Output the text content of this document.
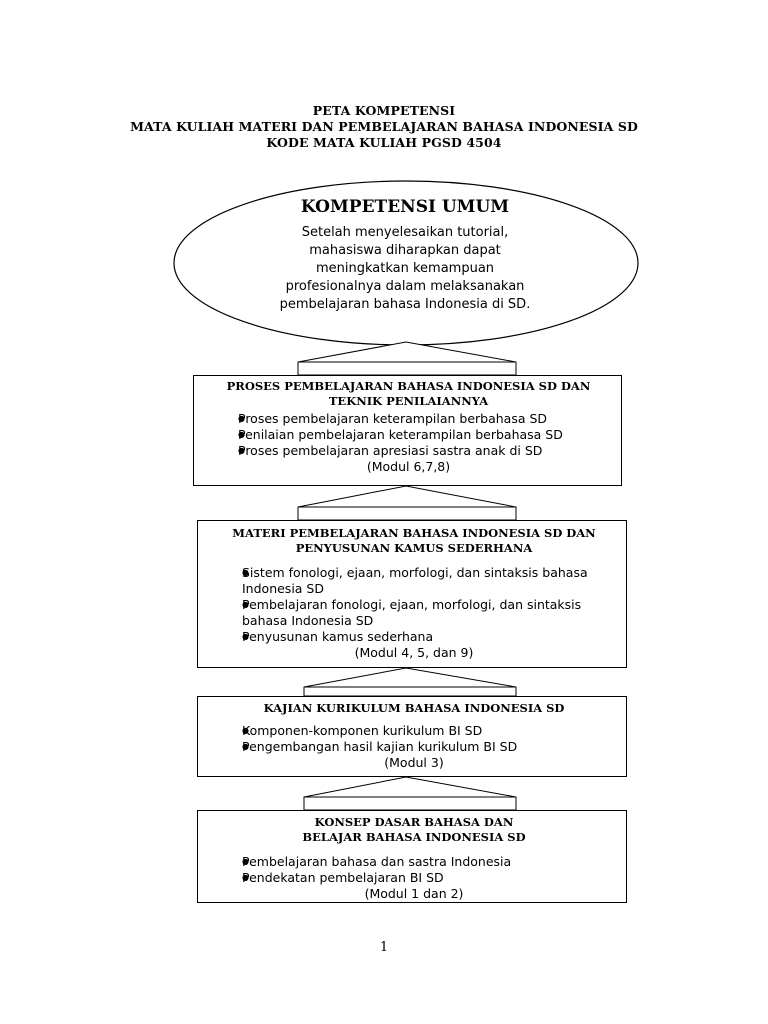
PETA KOMPETENSI
MATA KULIAH MATERI DAN PEMBELAJARAN BAHASA INDONESIA SD
KODE MATA KULIAH PGSD 4504
KOMPETENSI UMUM
Setelah menyelesaikan tutorial,
mahasiswa diharapkan dapat
meningkatkan kemampuan
profesionalnya dalam melaksanakan
pembelajaran bahasa Indonesia di SD.
PROSES PEMBELAJARAN BAHASA INDONESIA SD DAN
TEKNIK PENILAIANNYA
● Proses pembelajaran keterampilan berbahasa SD
● Penilaian pembelajaran keterampilan berbahasa SD
● Proses pembelajaran apresiasi sastra anak di SD
(Modul 6,7,8)
MATERI PEMBELAJARAN BAHASA INDONESIA SD DAN
PENYUSUNAN KAMUS SEDERHANA
● Sistem fonologi, ejaan, morfologi, dan sintaksis bahasa Indonesia SD
● Pembelajaran fonologi, ejaan, morfologi, dan sintaksis bahasa Indonesia SD
● Penyusunan kamus sederhana
(Modul 4, 5, dan 9)
KAJIAN KURIKULUM BAHASA INDONESIA SD
● Komponen-komponen kurikulum BI SD
● Pengembangan hasil kajian kurikulum BI SD
(Modul 3)
KONSEP DASAR BAHASA DAN
BELAJAR BAHASA INDONESIA SD
● Pembelajaran bahasa dan sastra Indonesia
● Pendekatan pembelajaran BI SD
(Modul 1 dan 2)
1
